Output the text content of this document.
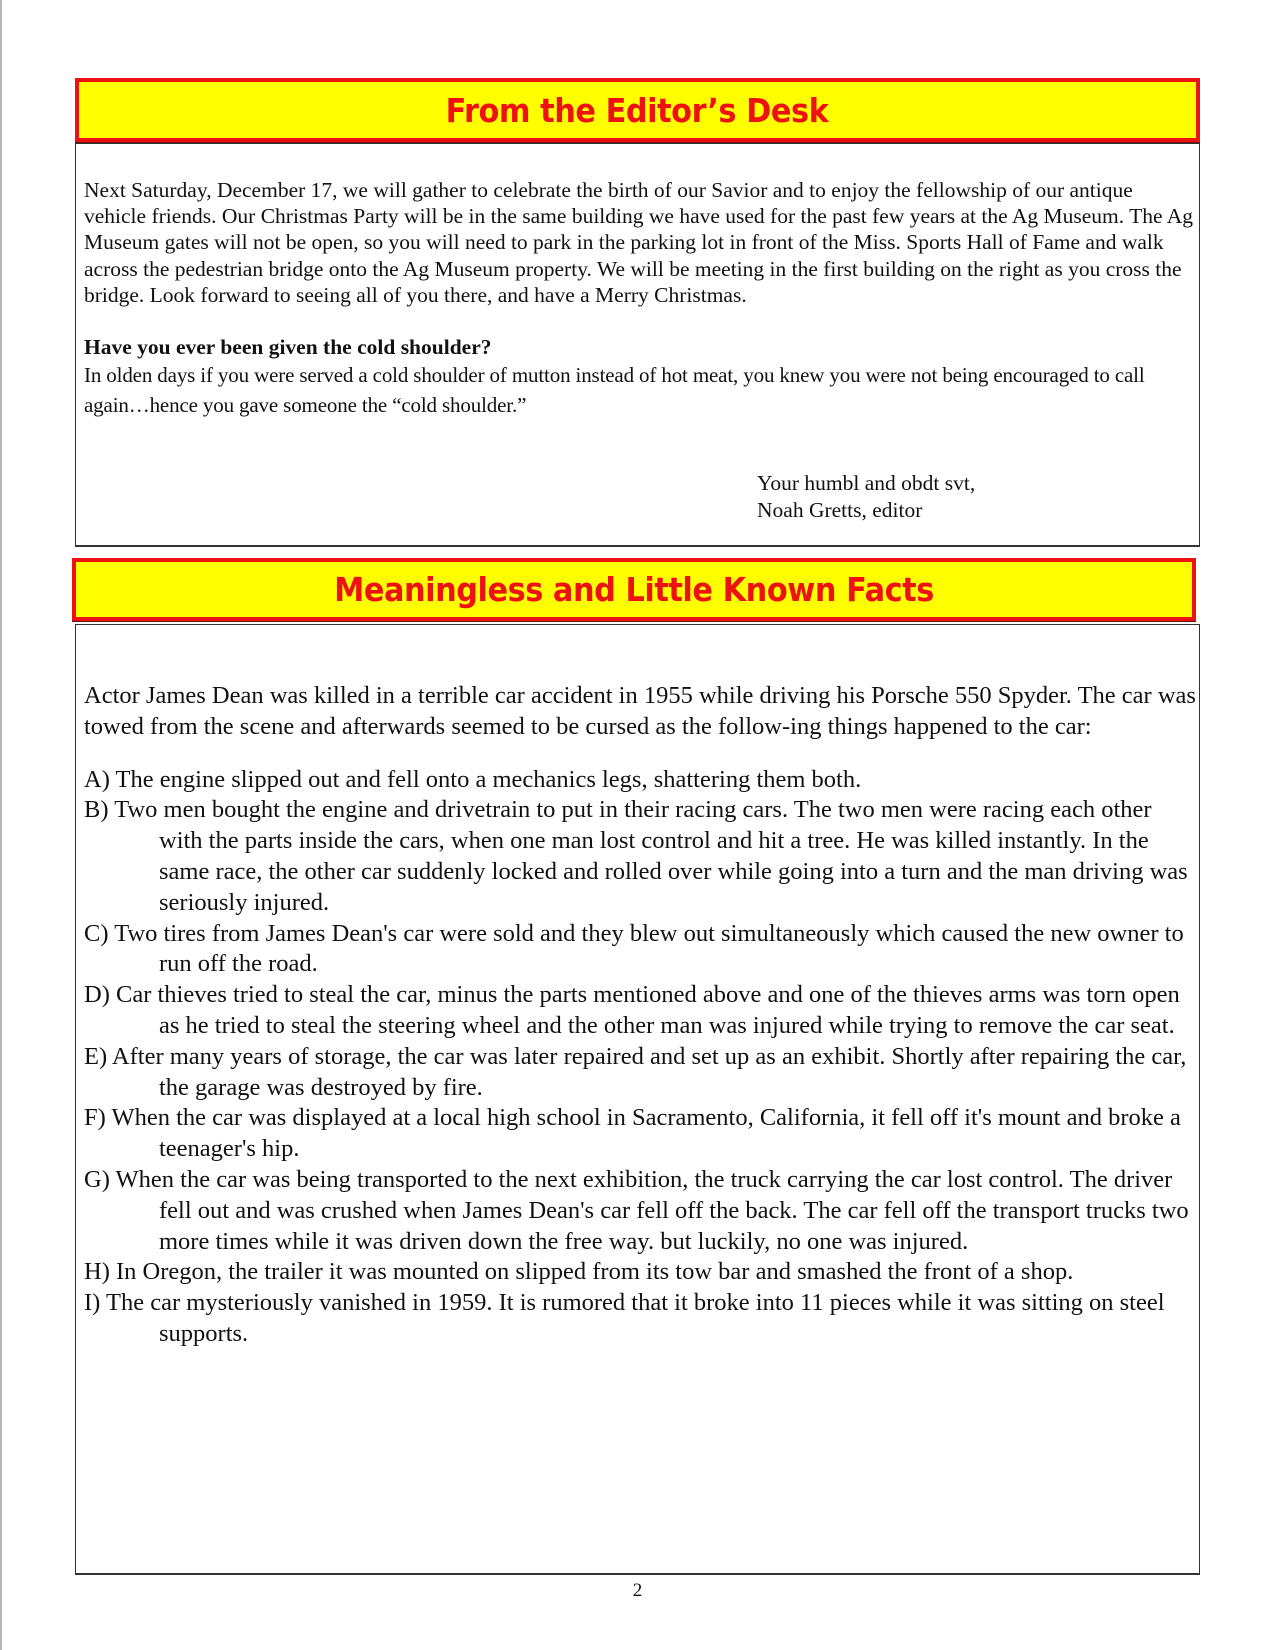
From the Editor’s Desk

Next Saturday, December 17, we will gather to celebrate the birth of our Savior and to enjoy the fellowship of our antique vehicle friends. Our Christmas Party will be in the same building we have used for the past few years at the Ag Museum. The Ag Museum gates will not be open, so you will need to park in the parking lot in front of the Miss. Sports Hall of Fame and walk across the pedestrian bridge onto the Ag Museum property. We will be meeting in the first building on the right as you cross the bridge. Look forward to seeing all of you there, and have a Merry Christmas.

Have you ever been given the cold shoulder?

In olden days if you were served a cold shoulder of mutton instead of hot meat, you knew you were not being encouraged to call again…hence you gave someone the “cold shoulder.”

Your humbl and obdt svt,
Noah Gretts, editor
Meaningless and Little Known Facts

Actor James Dean was killed in a terrible car accident in 1955 while driving his Porsche 550 Spyder. The car was towed from the scene and afterwards seemed to be cursed as the follow-ing things happened to the car:

A) The engine slipped out and fell onto a mechanics legs, shattering them both.

B) Two men bought the engine and drivetrain to put in their racing cars. The two men were racing each other with the parts inside the cars, when one man lost control and hit a tree. He was killed instantly. In the same race, the other car suddenly locked and rolled over while going into a turn and the man driving was seriously injured.

C) Two tires from James Dean's car were sold and they blew out simultaneously which caused the new owner to run off the road.

D) Car thieves tried to steal the car, minus the parts mentioned above and one of the thieves arms was torn open as he tried to steal the steering wheel and the other man was injured while trying to remove the car seat.

E) After many years of storage, the car was later repaired and set up as an exhibit. Shortly after repairing the car, the garage was destroyed by fire.

F) When the car was displayed at a local high school in Sacramento, California, it fell off it's mount and broke a teenager's hip.

G) When the car was being transported to the next exhibition, the truck carrying the car lost control. The driver fell out and was crushed when James Dean's car fell off the back. The car fell off the transport trucks two more times while it was driven down the free way. but luckily, no one was injured.

H) In Oregon, the trailer it was mounted on slipped from its tow bar and smashed the front of a shop.

I) The car mysteriously vanished in 1959. It is rumored that it broke into 11 pieces while it was sitting on steel supports.

2
